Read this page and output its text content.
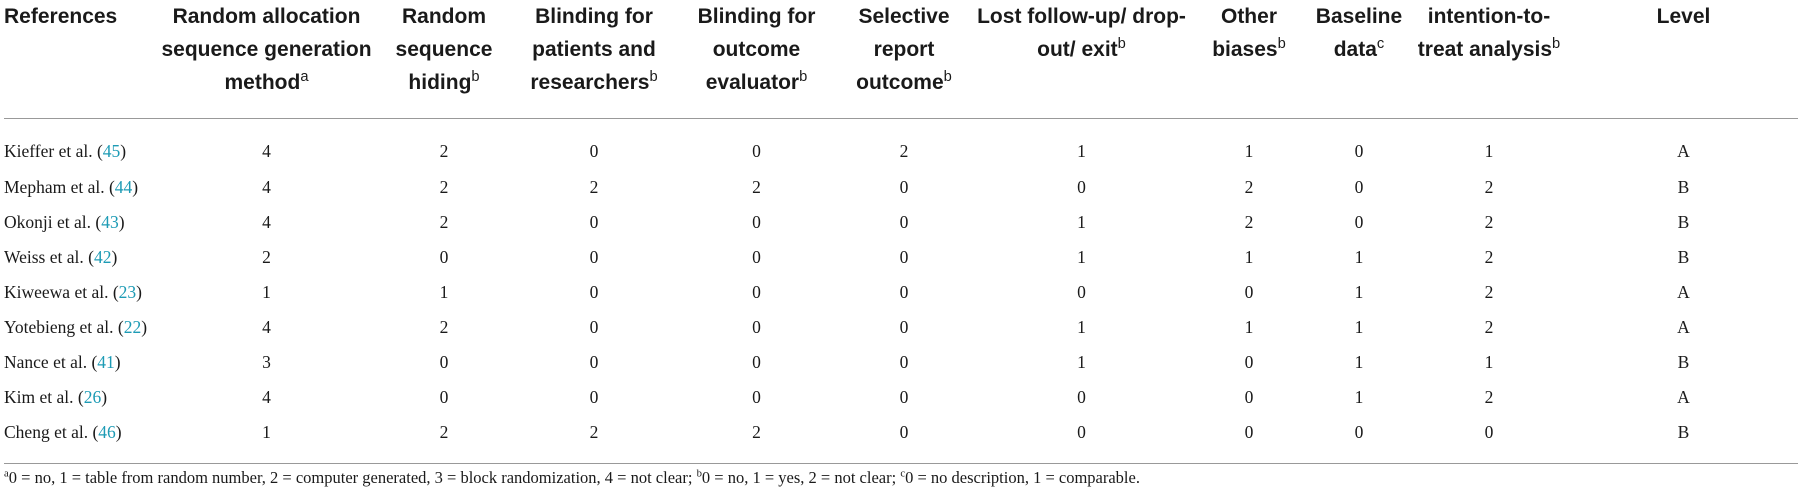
References	Random allocation sequence generation method$^a$	Random sequence hiding$^b$	Blinding for patients and researchers$^b$	Blinding for outcome evaluator$^b$	Selective report outcome$^b$	Lost follow-up/ drop-out/ exit$^b$	Other biases$^b$	Baseline data$^c$	intention-to-treat analysis$^b$	Level
Kieffer et al. (45)	4	2	0	0	2	1	1	0	1	A
Mepham et al. (44)	4	2	2	2	0	0	2	0	2	B
Okonji et al. (43)	4	2	0	0	0	1	2	0	2	B
Weiss et al. (42)	2	0	0	0	0	1	1	1	2	B
Kiweewa et al. (23)	1	1	0	0	0	0	0	1	2	A
Yotebieng et al. (22)	4	2	0	0	0	1	1	1	2	A
Nance et al. (41)	3	0	0	0	0	1	0	1	1	B
Kim et al. (26)	4	0	0	0	0	0	0	1	2	A
Cheng et al. (46)	1	2	2	2	0	0	0	0	0	B
$^a$0 = no, 1 = table from random number, 2 = computer generated, 3 = block randomization, 4 = not clear; $^b$0 = no, 1 = yes, 2 = not clear; $^c$0 = no description, 1 = comparable.
